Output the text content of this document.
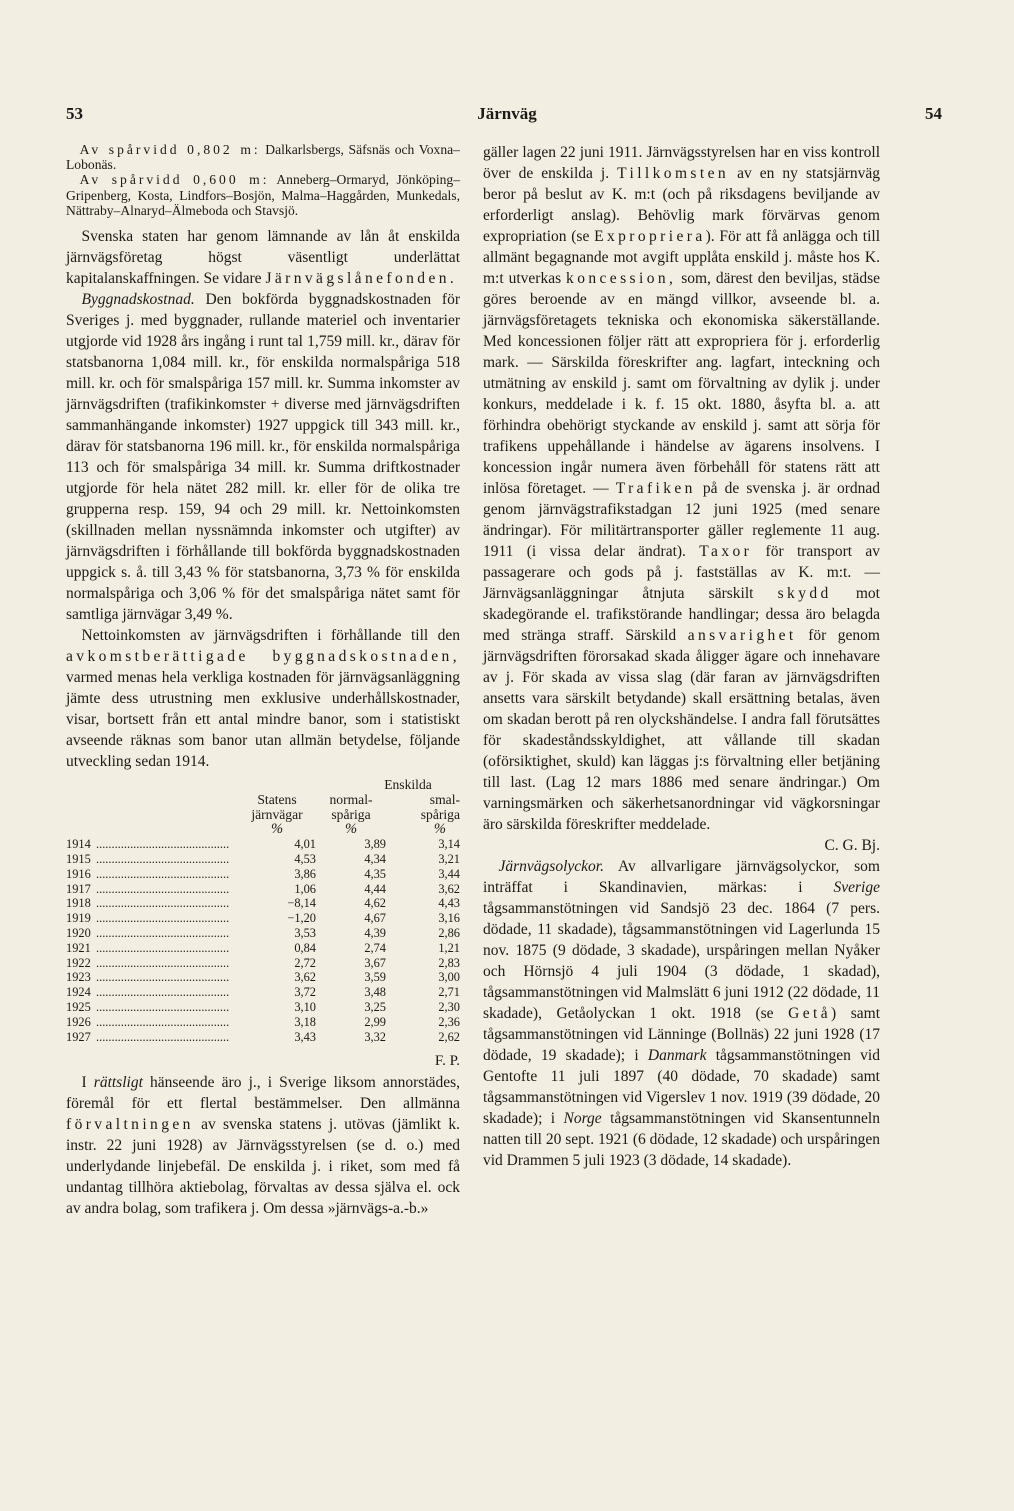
53	Järnväg	54

Av spårvidd 0,802 m: Dalkarlsbergs, Säfsnäs och Voxna–Lobonäs.

Av spårvidd 0,600 m: Anneberg–Ormaryd, Jönköping–Gripenberg, Kosta, Lindfors–Bosjön, Malma–Haggården, Munkedals, Nättraby–Alnaryd–Älmeboda och Stavsjö.

Svenska staten har genom lämnande av lån åt enskilda järnvägsföretag högst väsentligt underlättat kapitalanskaffningen. Se vidare Järnvägslånefonden.

Byggnadskostnad. Den bokförda byggnadskostnaden för Sveriges j. med byggnader, rullande materiel och inventarier utgjorde vid 1928 års ingång i runt tal 1,759 mill. kr., därav för statsbanorna 1,084 mill. kr., för enskilda normalspåriga 518 mill. kr. och för smalspåriga 157 mill. kr. Summa inkomster av järnvägsdriften (trafikinkomster + diverse med järnvägsdriften sammanhängande inkomster) 1927 uppgick till 343 mill. kr., därav för statsbanorna 196 mill. kr., för enskilda normalspåriga 113 och för smalspåriga 34 mill. kr. Summa driftkostnader utgjorde för hela nätet 282 mill. kr. eller för de olika tre grupperna resp. 159, 94 och 29 mill. kr. Nettoinkomsten (skillnaden mellan nyssnämnda inkomster och utgifter) av järnvägsdriften i förhållande till bokförda byggnadskostnaden uppgick s. å. till 3,43 % för statsbanorna, 3,73 % för enskilda normalspåriga och 3,06 % för det smalspåriga nätet samt för samtliga järnvägar 3,49 %.

Nettoinkomsten av järnvägsdriften i förhållande till den avkomstberättigade byggnadskostnaden, varmed menas hela verkliga kostnaden för järnvägsanläggning jämte dess utrustning men exklusive underhållskostnader, visar, bortsett från ett antal mindre banor, som i statistiskt avseende räknas som banor utan allmän betydelse, följande utveckling sedan 1914.

			Enskilda	
		Statens	normal-	smal-
		järnvägar	spåriga	spåriga
		%	%	%
1914	...........................................	4,01	3,89	3,14
1915	...........................................	4,53	4,34	3,21
1916	...........................................	3,86	4,35	3,44
1917	...........................................	1,06	4,44	3,62
1918	...........................................	−8,14	4,62	4,43
1919	...........................................	−1,20	4,67	3,16
1920	...........................................	3,53	4,39	2,86
1921	...........................................	0,84	2,74	1,21
1922	...........................................	2,72	3,67	2,83
1923	...........................................	3,62	3,59	3,00
1924	...........................................	3,72	3,48	2,71
1925	...........................................	3,10	3,25	2,30
1926	...........................................	3,18	2,99	2,36
1927	...........................................	3,43	3,32	2,62
F. P.

I rättsligt hänseende äro j., i Sverige liksom annorstädes, föremål för ett flertal bestämmelser. Den allmänna förvaltningen av svenska statens j. utövas (jämlikt k. instr. 22 juni 1928) av Järnvägsstyrelsen (se d. o.) med underlydande linjebefäl. De enskilda j. i riket, som med få undantag tillhöra aktiebolag, förvaltas av dessa själva el. ock av andra bolag, som trafikera j. Om dessa »järnvägs-a.-b.»

gäller lagen 22 juni 1911. Järnvägsstyrelsen har en viss kontroll över de enskilda j. Tillkomsten av en ny statsjärnväg beror på beslut av K. m:t (och på riksdagens beviljande av erforderligt anslag). Behövlig mark förvärvas genom expropriation (se Expropriera). För att få anlägga och till allmänt begagnande mot avgift upplåta enskild j. måste hos K. m:t utverkas koncession, som, därest den beviljas, städse göres beroende av en mängd villkor, avseende bl. a. järnvägsföretagets tekniska och ekonomiska säkerställande. Med koncessionen följer rätt att expropriera för j. erforderlig mark. — Särskilda föreskrifter ang. lagfart, inteckning och utmätning av enskild j. samt om förvaltning av dylik j. under konkurs, meddelade i k. f. 15 okt. 1880, åsyfta bl. a. att förhindra obehörigt styckande av enskild j. samt att sörja för trafikens uppehållande i händelse av ägarens insolvens. I koncession ingår numera även förbehåll för statens rätt att inlösa företaget. — Trafiken på de svenska j. är ordnad genom järnvägstrafikstadgan 12 juni 1925 (med senare ändringar). För militärtransporter gäller reglemente 11 aug. 1911 (i vissa delar ändrat). Taxor för transport av passagerare och gods på j. fastställas av K. m:t. — Järnvägsanläggningar åtnjuta särskilt skydd mot skadegörande el. trafikstörande handlingar; dessa äro belagda med stränga straff. Särskild ansvarighet för genom järnvägsdriften förorsakad skada åligger ägare och innehavare av j. För skada av vissa slag (där faran av järnvägsdriften ansetts vara särskilt betydande) skall ersättning betalas, även om skadan berott på ren olyckshändelse. I andra fall förutsättes för skadeståndsskyldighet, att vållande till skadan (oförsiktighet, skuld) kan läggas j:s förvaltning eller betjäning till last. (Lag 12 mars 1886 med senare ändringar.) Om varningsmärken och säkerhetsanordningar vid vägkorsningar äro särskilda föreskrifter meddelade.

C. G. Bj.

Järnvägsolyckor. Av allvarligare järnvägsolyckor, som inträffat i Skandinavien, märkas: i Sverige tågsammanstötningen vid Sandsjö 23 dec. 1864 (7 pers. dödade, 11 skadade), tågsammanstötningen vid Lagerlunda 15 nov. 1875 (9 dödade, 3 skadade), urspåringen mellan Nyåker och Hörnsjö 4 juli 1904 (3 dödade, 1 skadad), tågsammanstötningen vid Malmslätt 6 juni 1912 (22 dödade, 11 skadade), Getåolyckan 1 okt. 1918 (se Getå) samt tågsammanstötningen vid Länninge (Bollnäs) 22 juni 1928 (17 dödade, 19 skadade); i Danmark tågsammanstötningen vid Gentofte 11 juli 1897 (40 dödade, 70 skadade) samt tågsammanstötningen vid Vigerslev 1 nov. 1919 (39 dödade, 20 skadade); i Norge tågsammanstötningen vid Skansentunneln natten till 20 sept. 1921 (6 dödade, 12 skadade) och urspåringen vid Drammen 5 juli 1923 (3 dödade, 14 skadade).
